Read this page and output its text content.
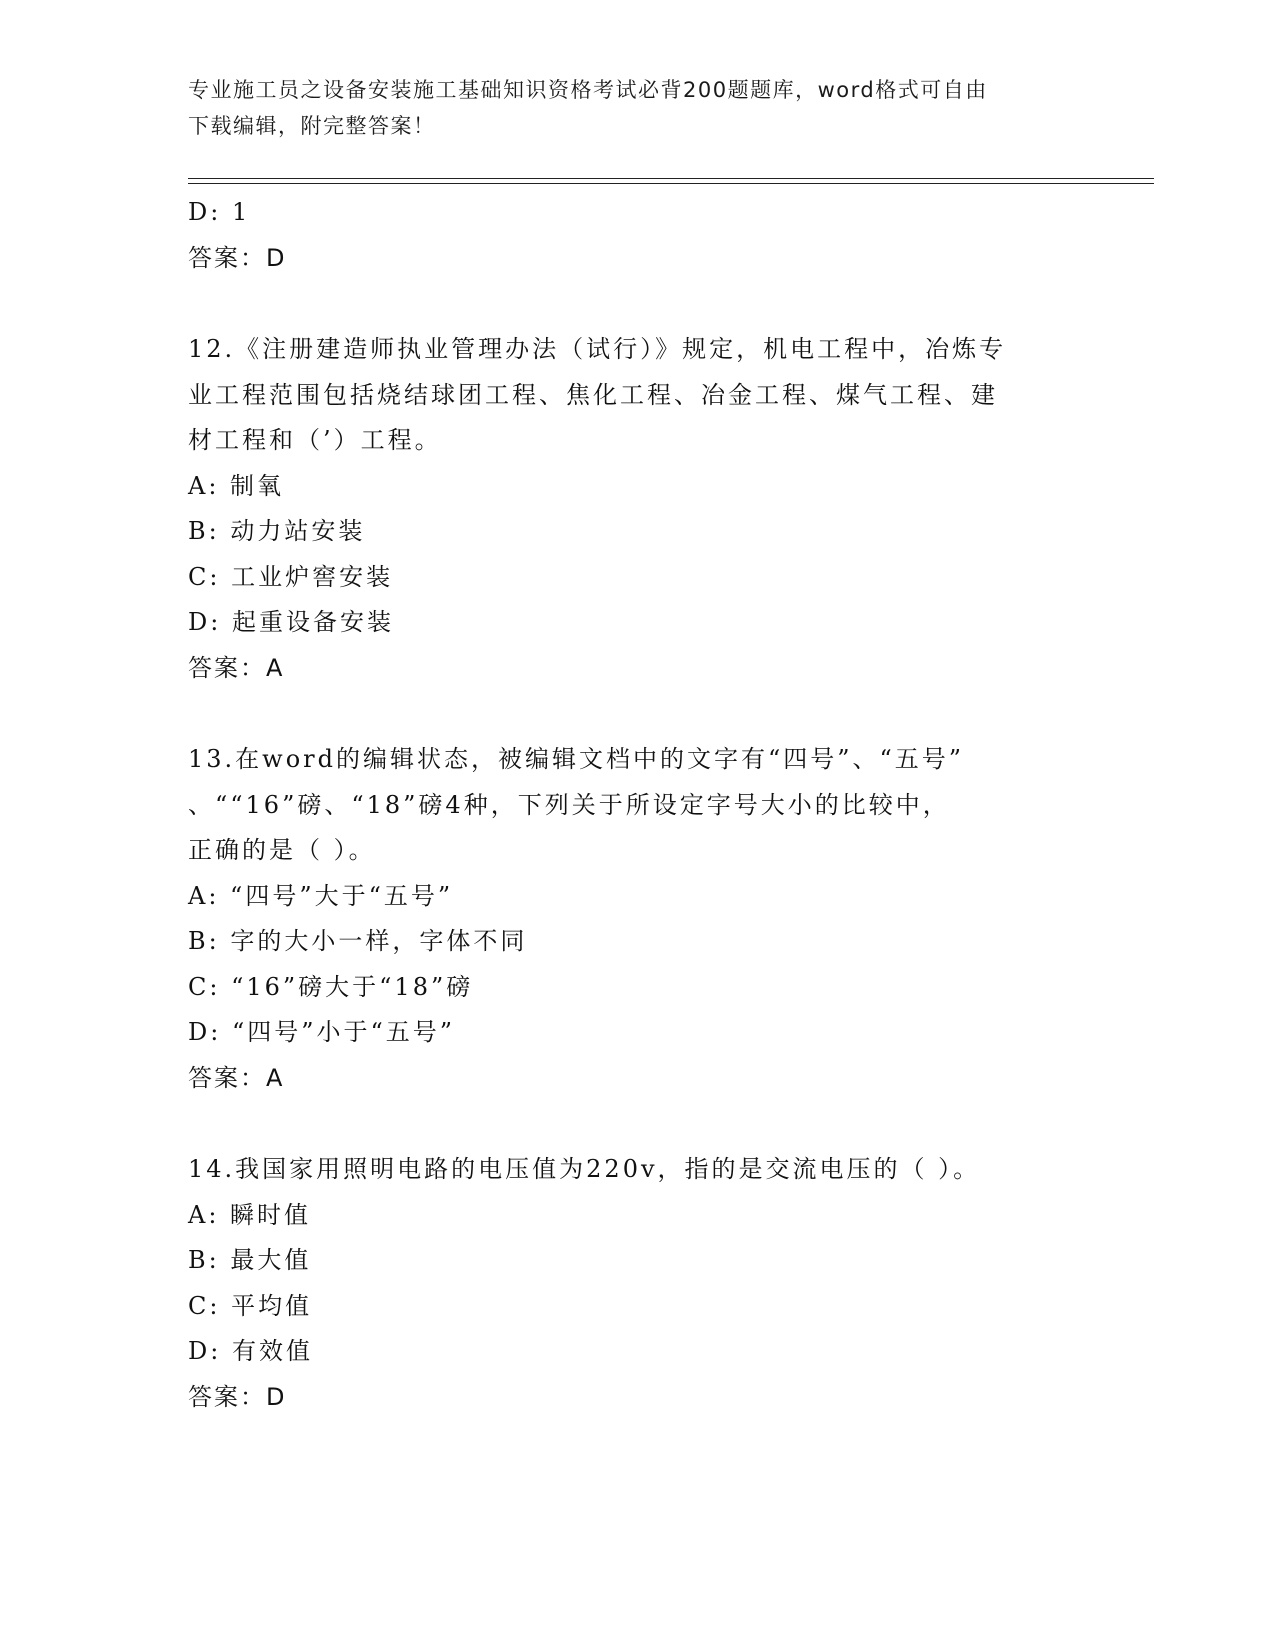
专业施工员之设备安装施工基础知识资格考试必背200题题库，word格式可自由
下载编辑，附完整答案！
D: 1
答案：D
12.《注册建造师执业管理办法（试行）》规定，机电工程中，冶炼专
业工程范围包括烧结球团工程、焦化工程、冶金工程、煤气工程、建
材工程和（’）工程。
A: 制氧
B: 动力站安装
C: 工业炉窖安装
D: 起重设备安装
答案：A
13.在word的编辑状态，被编辑文档中的文字有“四号”、“五号”
、““16”磅、“18”磅4种，下列关于所设定字号大小的比较中，
正确的是（ ）。
A: “四号”大于“五号”
B: 字的大小一样，字体不同
C: “16”磅大于“18”磅
D: “四号”小于“五号”
答案：A
14.我国家用照明电路的电压值为220v，指的是交流电压的（ ）。
A: 瞬时值
B: 最大值
C: 平均值
D: 有效值
答案：D
